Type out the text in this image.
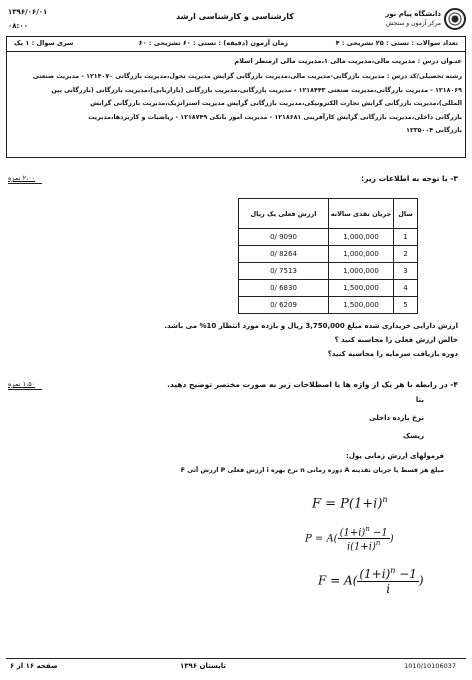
دانشگاه پیام نور
مرکز آزمون و سنجش
کارشناسی و کارشناسی ارشد
۱۳۹۶/۰۶/۰۱
۰۸:۰۰
تعداد سوالات : تستی : ۲۵ تشریحی : ۴
زمان آزمون (دقیقه) : تستی : ۶۰ تشریحی : ۶۰
سری سوال : ۱ یک
عنـوان درس : مدیریت مالی،مدیریت مالی ۱،مدیریت مالی ازمنظر اسلام
رشته تحصیلی/کد درس : مدیریت بازرگانی-مدیریت مالی،مدیریت بازرگانی گرایش مدیریت تحول،مدیریت بازرگانی ۱۲۱۴۰۷۰ - مدیریت صنعتی
۱۲۱۸۰۶۹ - مدیریت بازرگانی،مدیریت صنعتی ۱۲۱۸۴۴۳ - مدیریت بازرگانی،مدیریت بازرگانی (بازاریابی)،مدیریت بازرگانی (بازرگانی بین
المللی)،مدیریت بازرگانی گرایش تجارت الکترونیکی،مدیریت بازرگانی گرایش مدیریت استراتژیک،مدیریت بازرگانی گرایش
بازرگانی داخلی،مدیریت بازرگانی گرایش کارآفرینی ۱۲۱۸۶۸۱ - مدیریت امور بانکی ۱۲۱۸۷۴۹ - ریاضیات و کاربردها،مدیریت
بازرگانی ۱۲۳۵۰۰۴
۲،۰۰ نمره	۳- با توجه به اطلاعات زیر:
ارزش فعلی یک ریال	جریان نقدی سالانه	سال
0/ 9090	1,000,000	1
0/ 8264	1,000,000	2
0/ 7513	1,000,000	3
0/ 6830	1,500,000	4
0/ 6209	1,500,000	5
ارزش دارایی خریداری شده مبلغ 3,750,000 ریال و بازده مورد انتظار 10% می باشد.
خالص ارزش فعلی را محاسبه کنید ؟
دوره بازیافت سرمایه را محاسبه کنید؟
۱،۵۰ نمره	۴- در رابطه با هر یک از واژه ها یا اصطلاحات زیر به صورت مختصر توضیح دهید.
بتا
نرخ بازده داخلی
ریسک
فرمولهای ارزش زمانی پول:
F ارزش آتی P ارزش فعلی i نرخ بهره n دوره زمانی A مبلغ هر قسط یا جریان نقدینه
$F = P(1+i)^n$
$P = A( \frac{(1+i)^n -1}{i(1+i)^n}$ )
$F = A( \frac{(1+i)^n -1}{i}$ )
1010/10106037
تابستان ۱۳۹۶
صفحه ۱۶ از ۶
